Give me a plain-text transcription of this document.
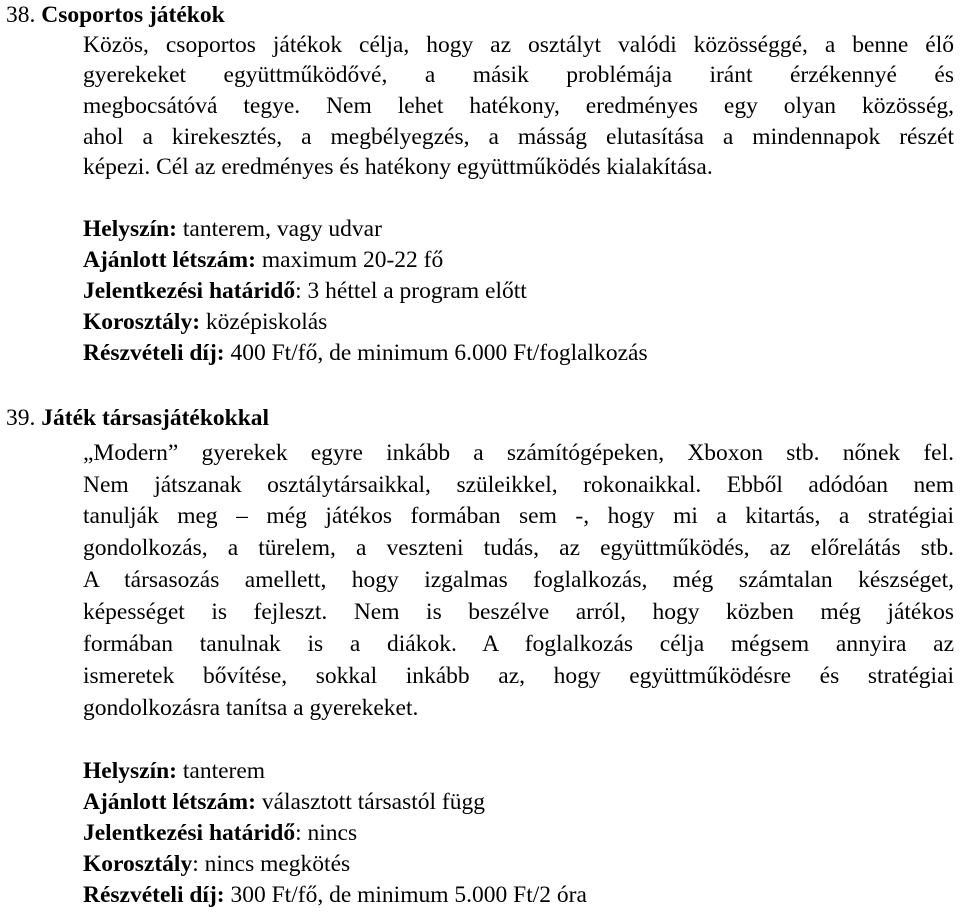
38. Csoportos játékok
Közös, csoportos játékok célja, hogy az osztályt valódi közösséggé, a benne élő
gyerekeket együttműködővé, a másik problémája iránt érzékennyé és
megbocsátóvá tegye. Nem lehet hatékony, eredményes egy olyan közösség,
ahol a kirekesztés, a megbélyegzés, a másság elutasítása a mindennapok részét
képezi. Cél az eredményes és hatékony együttműködés kialakítása.
Helyszín: tanterem, vagy udvar
Ajánlott létszám: maximum 20-22 fő
Jelentkezési határidő: 3 héttel a program előtt
Korosztály: középiskolás
Részvételi díj: 400 Ft/fő, de minimum 6.000 Ft/foglalkozás
39. Játék társasjátékokkal
„Modern” gyerekek egyre inkább a számítógépeken, Xboxon stb. nőnek fel.
Nem játszanak osztálytársaikkal, szüleikkel, rokonaikkal. Ebből adódóan nem
tanulják meg – még játékos formában sem -, hogy mi a kitartás, a stratégiai
gondolkozás, a türelem, a veszteni tudás, az együttműködés, az előrelátás stb.
A társasozás amellett, hogy izgalmas foglalkozás, még számtalan készséget,
képességet is fejleszt. Nem is beszélve arról, hogy közben még játékos
formában tanulnak is a diákok. A foglalkozás célja mégsem annyira az
ismeretek bővítése, sokkal inkább az, hogy együttműködésre és stratégiai
gondolkozásra tanítsa a gyerekeket.
Helyszín: tanterem
Ajánlott létszám: választott társastól függ
Jelentkezési határidő: nincs
Korosztály: nincs megkötés
Részvételi díj: 300 Ft/fő, de minimum 5.000 Ft/2 óra
